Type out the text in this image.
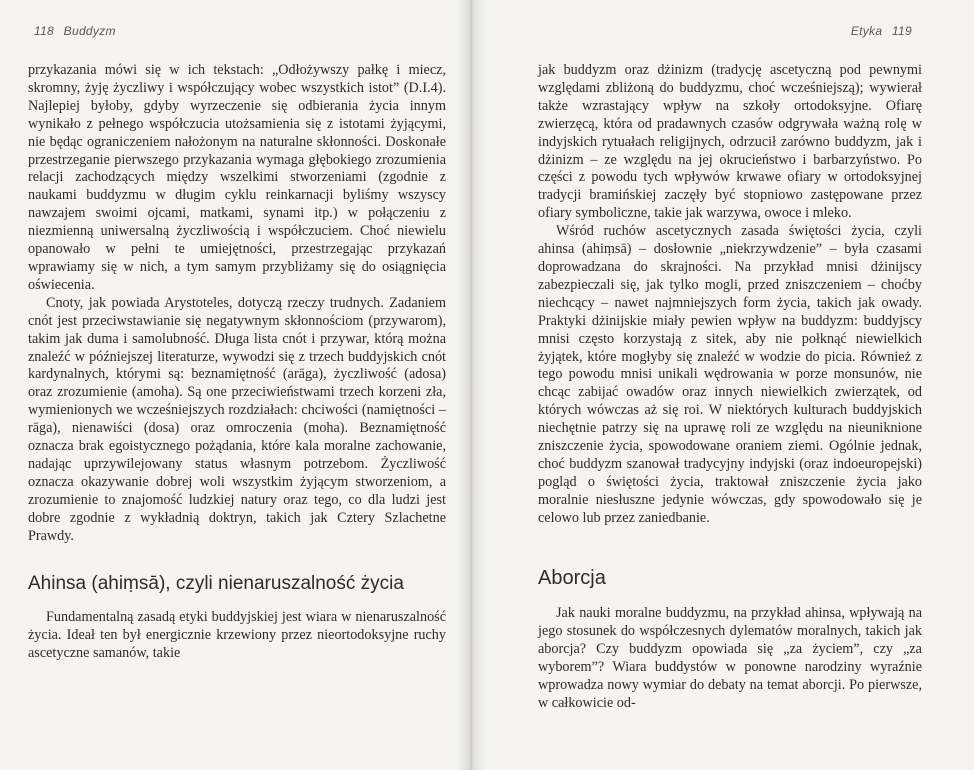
118 Buddyzm

przykazania mówi się w ich tekstach: „Odłożywszy pałkę i miecz, skromny, żyję życzliwy i współczujący wobec wszystkich istot” (D.I.4). Najlepiej byłoby, gdyby wyrzeczenie się odbierania życia innym wynikało z pełnego współczucia utożsamienia się z istotami żyjącymi, nie będąc ograniczeniem nałożonym na naturalne skłonności. Doskonałe przestrzeganie pierwszego przykazania wymaga głębokiego zrozumienia relacji zachodzących między wszelkimi stworzeniami (zgodnie z naukami buddyzmu w długim cyklu reinkarnacji byliśmy wszyscy nawzajem swoimi ojcami, matkami, synami itp.) w połączeniu z niezmienną uniwersalną życzliwością i współczuciem. Choć niewielu opanowało w pełni te umiejętności, przestrzegając przykazań wprawiamy się w nich, a tym samym przybliżamy się do osiągnięcia oświecenia.

Cnoty, jak powiada Arystoteles, dotyczą rzeczy trudnych. Zadaniem cnót jest przeciwstawianie się negatywnym skłonnościom (przywarom), takim jak duma i samolubność. Długa lista cnót i przywar, którą można znaleźć w późniejszej literaturze, wywodzi się z trzech buddyjskich cnót kardynalnych, którymi są: beznamiętność (arāga), życzliwość (adosa) oraz zrozumienie (amoha). Są one przeciwieństwami trzech korzeni zła, wymienionych we wcześniejszych rozdziałach: chciwości (namiętności – rāga), nienawiści (dosa) oraz omroczenia (moha). Beznamiętność oznacza brak egoistycznego pożądania, które kala moralne zachowanie, nadając uprzywilejowany status własnym potrzebom. Życzliwość oznacza okazywanie dobrej woli wszystkim żyjącym stworzeniom, a zrozumienie to znajomość ludzkiej natury oraz tego, co dla ludzi jest dobre zgodnie z wykładnią doktryn, takich jak Cztery Szlachetne Prawdy.

Ahinsa (ahiṃsā), czyli nienaruszalność życia

Fundamentalną zasadą etyki buddyjskiej jest wiara w nienaruszalność życia. Ideał ten był energicznie krzewiony przez nieortodoksyjne ruchy ascetyczne samanów, takie

Etyka 119

jak buddyzm oraz dżinizm (tradycję ascetyczną pod pewnymi względami zbliżoną do buddyzmu, choć wcześniejszą); wywierał także wzrastający wpływ na szkoły ortodoksyjne. Ofiarę zwierzęcą, która od pradawnych czasów odgrywała ważną rolę w indyjskich rytuałach religijnych, odrzucił zarówno buddyzm, jak i dżinizm – ze względu na jej okrucieństwo i barbarzyństwo. Po części z powodu tych wpływów krwawe ofiary w ortodoksyjnej tradycji bramińskiej zaczęły być stopniowo zastępowane przez ofiary symboliczne, takie jak warzywa, owoce i mleko.

Wśród ruchów ascetycznych zasada świętości życia, czyli ahinsa (ahiṃsā) – dosłownie „niekrzywdzenie” – była czasami doprowadzana do skrajności. Na przykład mnisi dżinijscy zabezpieczali się, jak tylko mogli, przed zniszczeniem – choćby niechcący – nawet najmniejszych form życia, takich jak owady. Praktyki dżinijskie miały pewien wpływ na buddyzm: buddyjscy mnisi często korzystają z sitek, aby nie połknąć niewielkich żyjątek, które mogłyby się znaleźć w wodzie do picia. Również z tego powodu mnisi unikali wędrowania w porze monsunów, nie chcąc zabijać owadów oraz innych niewielkich zwierzątek, od których wówczas aż się roi. W niektórych kulturach buddyjskich niechętnie patrzy się na uprawę roli ze względu na nieuniknione zniszczenie życia, spowodowane oraniem ziemi. Ogólnie jednak, choć buddyzm szanował tradycyjny indyjski (oraz indoeuropejski) pogląd o świętości życia, traktował zniszczenie życia jako moralnie niesłuszne jedynie wówczas, gdy spowodowało się je celowo lub przez zaniedbanie.

Aborcja

Jak nauki moralne buddyzmu, na przykład ahinsa, wpływają na jego stosunek do współczesnych dylematów moralnych, takich jak aborcja? Czy buddyzm opowiada się „za życiem”, czy „za wyborem”? Wiara buddystów w ponowne narodziny wyraźnie wprowadza nowy wymiar do debaty na temat aborcji. Po pierwsze, w całkowicie od-
